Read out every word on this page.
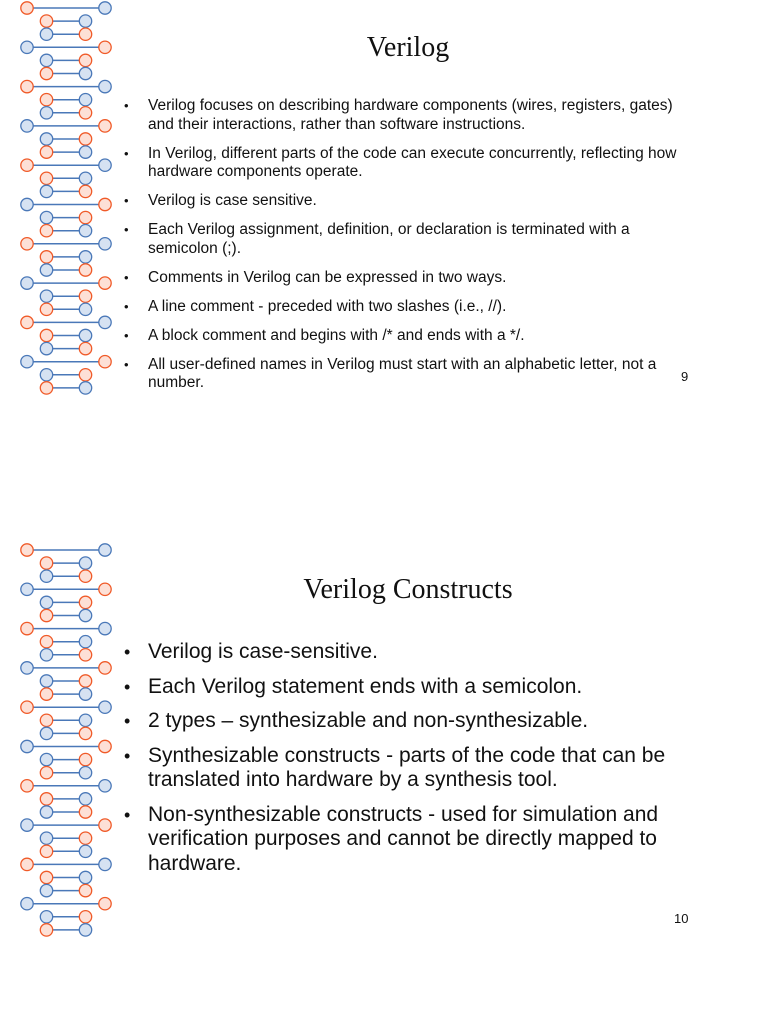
Verilog
• Verilog focuses on describing hardware components (wires, registers, gates) and their interactions, rather than software instructions.
• In Verilog, different parts of the code can execute concurrently, reflecting how hardware components operate.
• Verilog is case sensitive.
• Each Verilog assignment, definition, or declaration is terminated with a semicolon (;).
• Comments in Verilog can be expressed in two ways.
• A line comment - preceded with two slashes (i.e., //).
• A block comment and begins with /* and ends with a */.
• All user-defined names in Verilog must start with an alphabetic letter, not a number.	9
Verilog Constructs
• Verilog is case-sensitive.
• Each Verilog statement ends with a semicolon.
• 2 types – synthesizable and non-synthesizable.
• Synthesizable constructs - parts of the code that can be translated into hardware by a synthesis tool.
• Non-synthesizable constructs - used for simulation and verification purposes and cannot be directly mapped to hardware.
10
